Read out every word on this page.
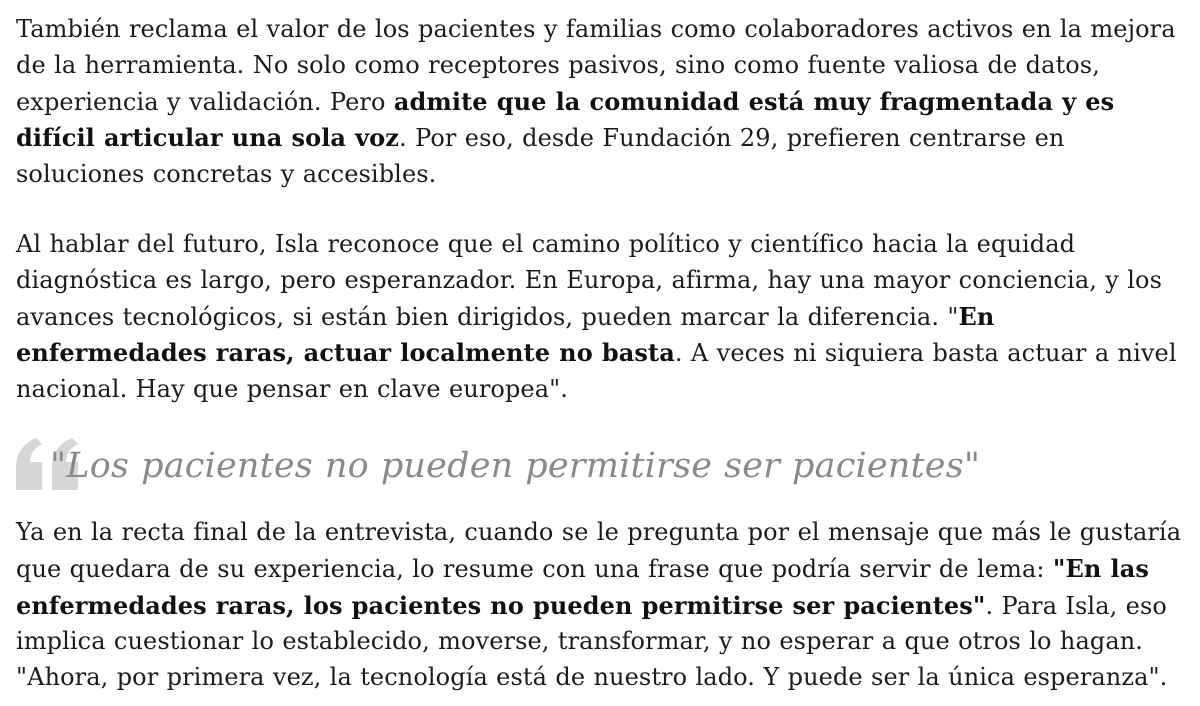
También reclama el valor de los pacientes y familias como colaboradores activos en la mejora de la herramienta. No solo como receptores pasivos, sino como fuente valiosa de datos, experiencia y validación. Pero admite que la comunidad está muy fragmentada y es difícil articular una sola voz. Por eso, desde Fundación 29, prefieren centrarse en soluciones concretas y accesibles.

Al hablar del futuro, Isla reconoce que el camino político y científico hacia la equidad diagnóstica es largo, pero esperanzador. En Europa, afirma, hay una mayor conciencia, y los avances tecnológicos, si están bien dirigidos, pueden marcar la diferencia. "En enfermedades raras, actuar localmente no basta. A veces ni siquiera basta actuar a nivel nacional. Hay que pensar en clave europea".

"Los pacientes no pueden permitirse ser pacientes"

Ya en la recta final de la entrevista, cuando se le pregunta por el mensaje que más le gustaría que quedara de su experiencia, lo resume con una frase que podría servir de lema: "En las enfermedades raras, los pacientes no pueden permitirse ser pacientes". Para Isla, eso implica cuestionar lo establecido, moverse, transformar, y no esperar a que otros lo hagan. "Ahora, por primera vez, la tecnología está de nuestro lado. Y puede ser la única esperanza".
